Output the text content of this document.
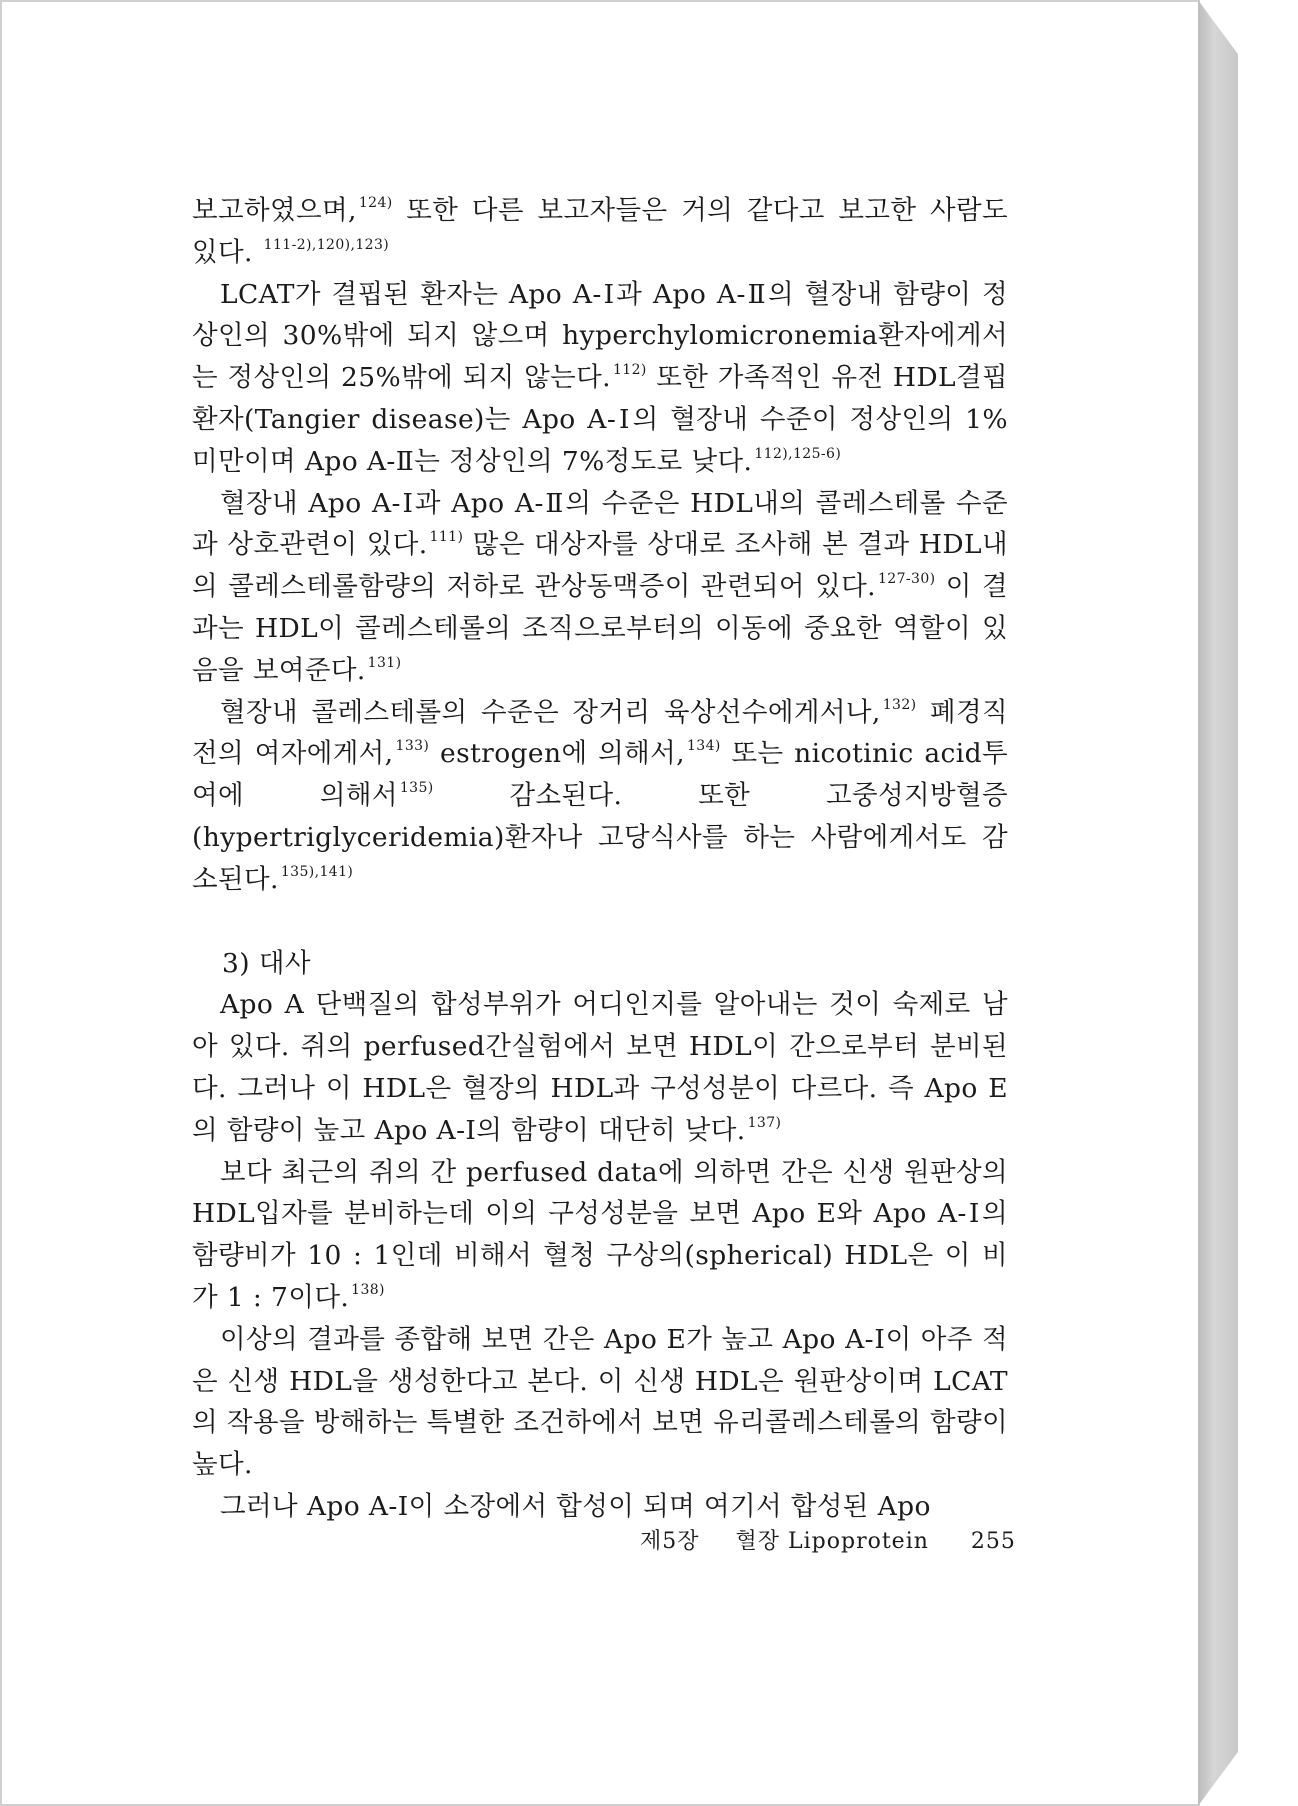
보고하였으며, $^{124)}$ 또한 다른 보고자들은 거의 같다고 보고한 사람도 있다. $^{111-2),120),123)}$

LCAT가 결핍된 환자는 Apo A-Ⅰ과 Apo A-Ⅱ의 혈장내 함량이 정상인의 30%밖에 되지 않으며 hyperchylomicronemia환자에게서는 정상인의 25%밖에 되지 않는다. $^{112)}$ 또한 가족적인 유전 HDL결핍환자(Tangier disease)는 Apo A-Ⅰ의 혈장내 수준이 정상인의 1% 미만이며 Apo A-Ⅱ는 정상인의 7%정도로 낮다. $^{112),125-6)}$

혈장내 Apo A-Ⅰ과 Apo A-Ⅱ의 수준은 HDL내의 콜레스테롤 수준과 상호관련이 있다. $^{111)}$ 많은 대상자를 상대로 조사해 본 결과 HDL내의 콜레스테롤함량의 저하로 관상동맥증이 관련되어 있다. $^{127-30)}$ 이 결과는 HDL이 콜레스테롤의 조직으로부터의 이동에 중요한 역할이 있음을 보여준다. $^{131)}$

혈장내 콜레스테롤의 수준은 장거리 육상선수에게서나, $^{132)}$ 폐경직전의 여자에게서, $^{133)}$ estrogen에 의해서, $^{134)}$ 또는 nicotinic acid투여에 의해서 $^{135)}$ 감소된다. 또한 고중성지방혈증(hypertriglyceridemia)환자나 고당식사를 하는 사람에게서도 감소된다. $^{135),141)}$

3) 대사

Apo A 단백질의 합성부위가 어디인지를 알아내는 것이 숙제로 남아 있다. 쥐의 perfused간실험에서 보면 HDL이 간으로부터 분비된다. 그러나 이 HDL은 혈장의 HDL과 구성성분이 다르다. 즉 Apo E의 함량이 높고 Apo A-Ⅰ의 함량이 대단히 낮다. $^{137)}$

보다 최근의 쥐의 간 perfused data에 의하면 간은 신생 원판상의 HDL입자를 분비하는데 이의 구성성분을 보면 Apo E와 Apo A-Ⅰ의 함량비가 10 : 1인데 비해서 혈청 구상의(spherical) HDL은 이 비가 1 : 7이다. $^{138)}$

이상의 결과를 종합해 보면 간은 Apo E가 높고 Apo A-Ⅰ이 아주 적은 신생 HDL을 생성한다고 본다. 이 신생 HDL은 원판상이며 LCAT의 작용을 방해하는 특별한 조건하에서 보면 유리콜레스테롤의 함량이 높다.

그러나 Apo A-Ⅰ이 소장에서 합성이 되며 여기서 합성된 Apo

제5장 혈장 Lipoprotein 255
